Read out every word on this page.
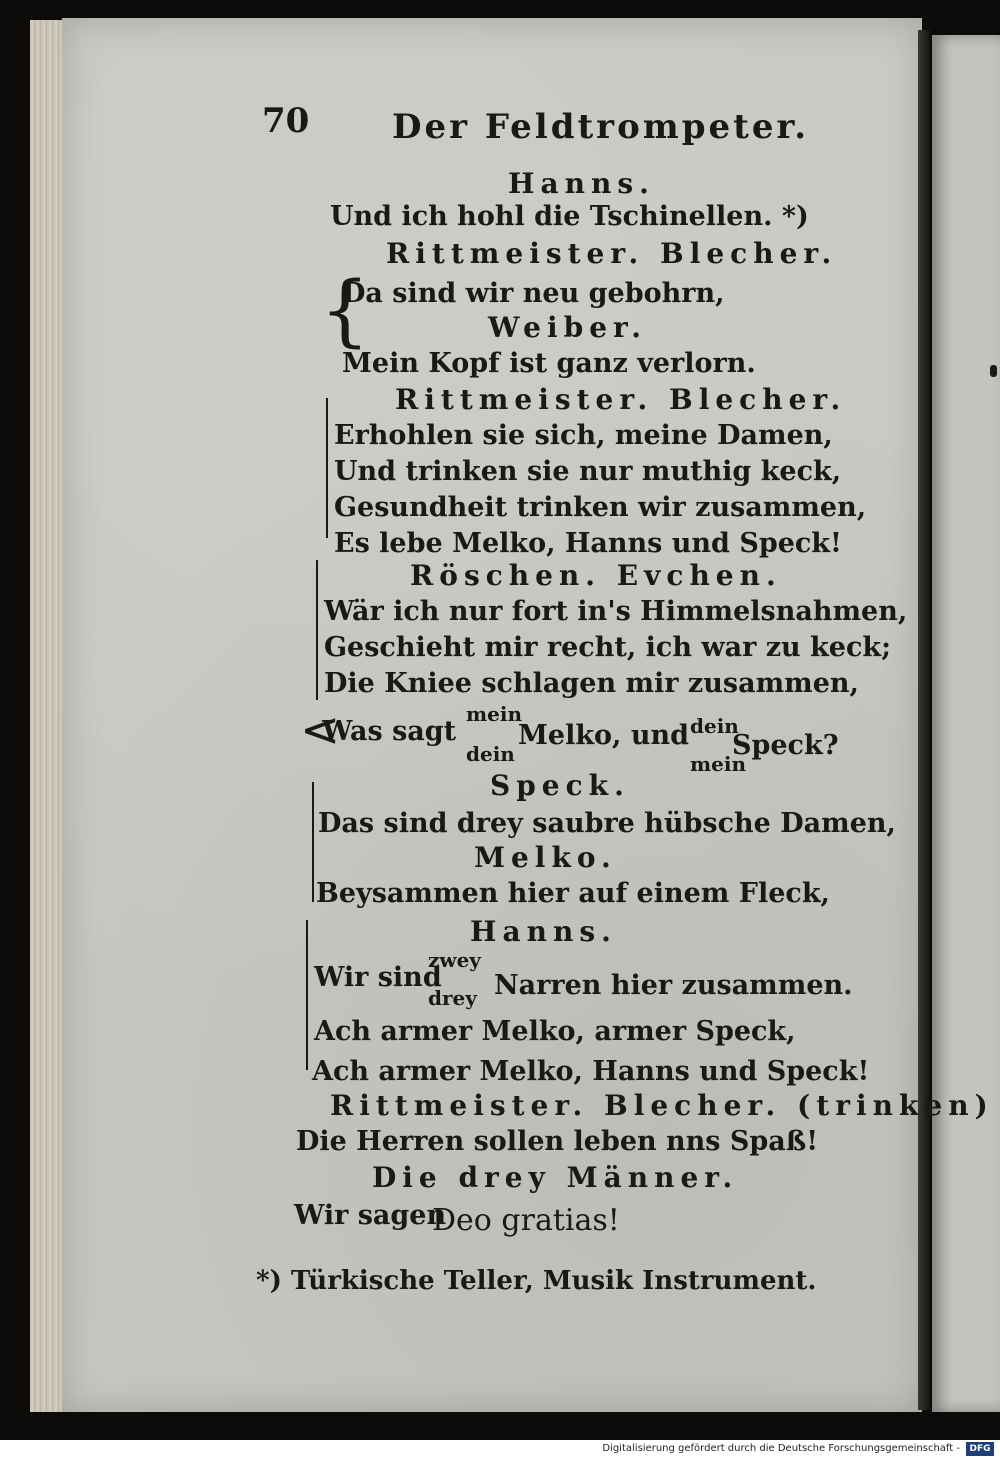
70 Der Feldtrompeter.
Hanns.
Und ich hohl die Tschinellen. *)
Rittmeister. Blecher.
Da sind wir neu gebohrn,
Weiber.
Mein Kopf ist ganz verlorn.
Rittmeister. Blecher.
Erhohlen sie sich, meine Damen,
Und trinken sie nur muthig keck,
Gesundheit trinken wir zusammen,
Es lebe Melko, Hanns und Speck!
Röschen. Evchen.
Wär ich nur fort in's Himmelsnahmen,
Geschieht mir recht, ich war zu keck;
Die Kniee schlagen mir zusammen,
Was sagt
mein
dein
Melko, und dein
mein
Speck?
Speck.
Das sind drey saubre hübsche Damen,
Melko.
Beysammen hier auf einem Fleck,
Hanns.
Wir sind
zwey
drey Narren hier zusammen.
Ach armer Melko, armer Speck,
Ach armer Melko, Hanns und Speck!
Rittmeister. Blecher. (trinken)
Die Herren sollen leben nns Spaß!
Die drey Männer.
Wir sagen
Deo gratias!
*) Türkische Teller, Musik Instrument.
{
<
Digitalisierung gefördert durch die Deutsche Forschungsgemeinschaft -	DFG
